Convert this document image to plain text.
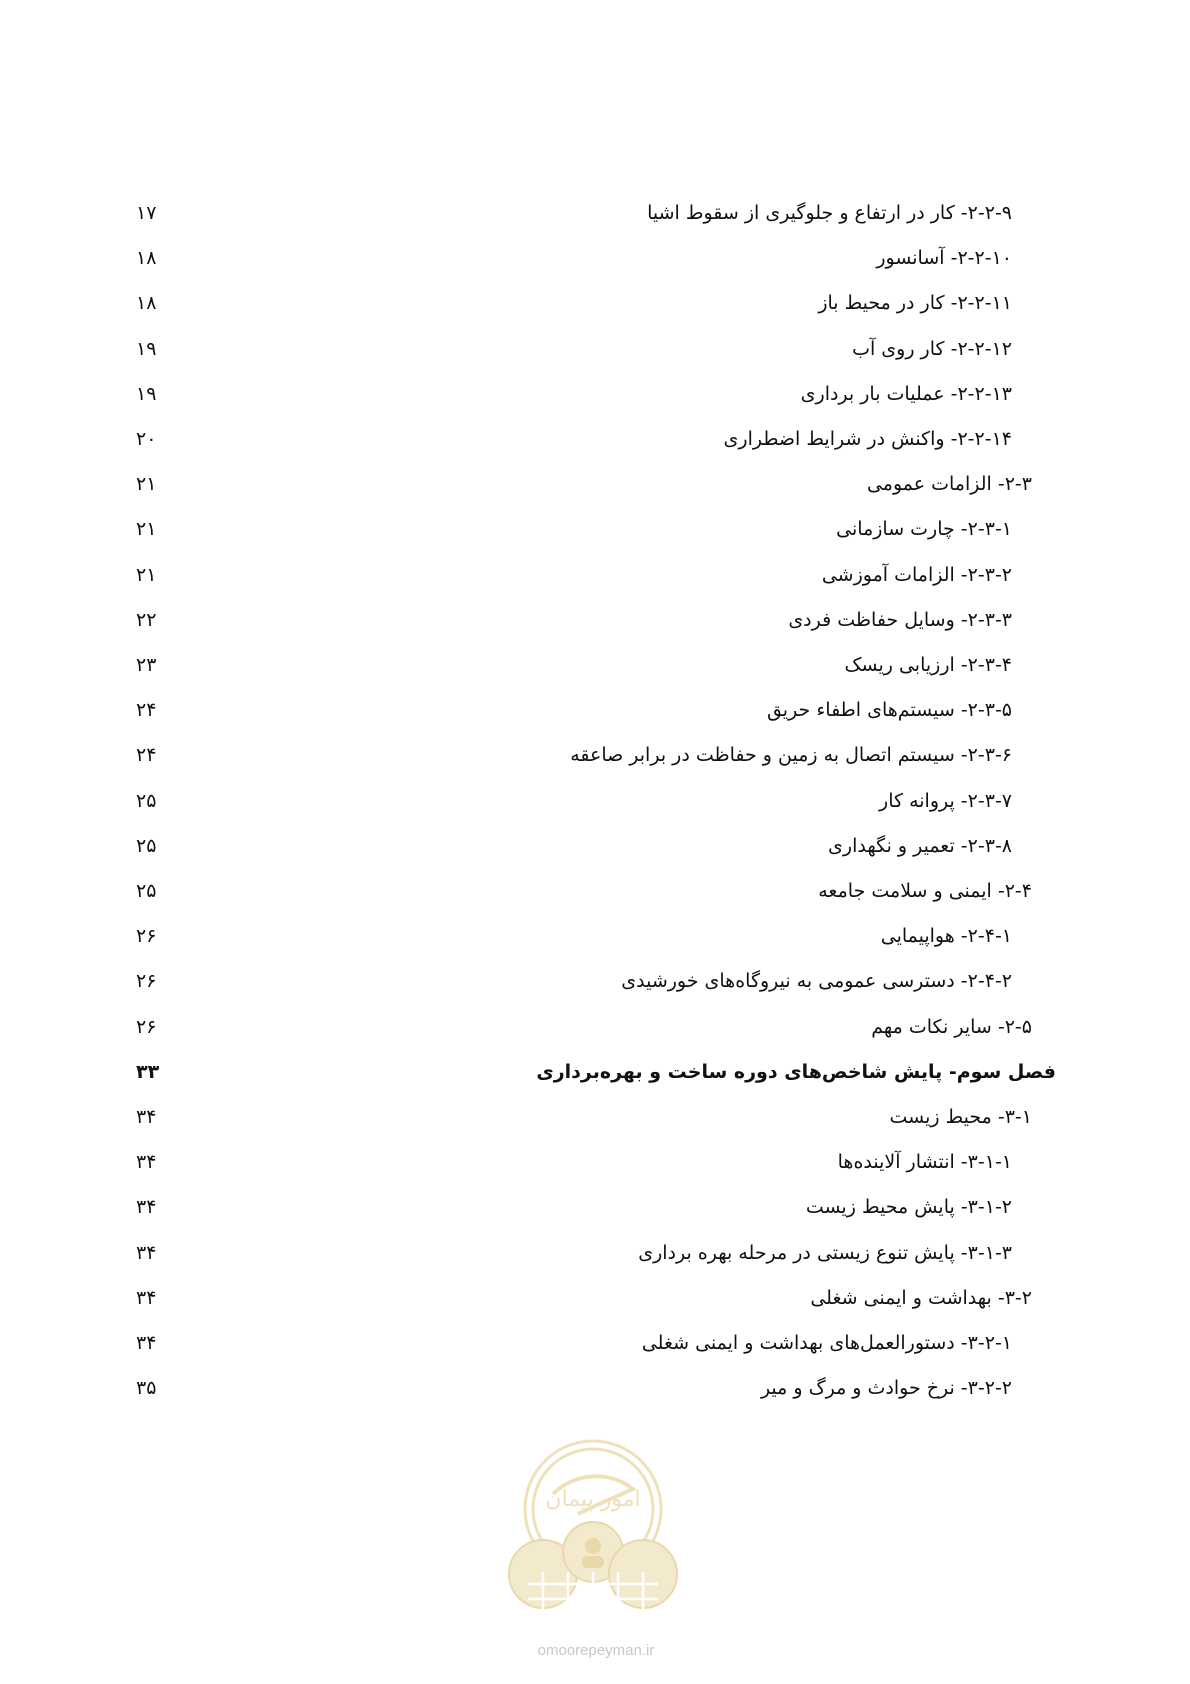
۲-۲-۹- کار در ارتفاع و جلوگیری از سقوط اشیا
۱۷
۲-۲-۱۰- آسانسور
۱۸
۲-۲-۱۱- کار در محیط باز
۱۸
۲-۲-۱۲- کار روی آب
۱۹
۲-۲-۱۳- عملیات بار برداری
۱۹
۲-۲-۱۴- واکنش در شرایط اضطراری
۲۰
۲-۳- الزامات عمومی
۲۱
۲-۳-۱- چارت سازمانی
۲۱
۲-۳-۲- الزامات آموزشی
۲۱
۲-۳-۳- وسایل حفاظت فردی
۲۲
۲-۳-۴- ارزیابی ریسک
۲۳
۲-۳-۵- سیستم‌های اطفاء حریق
۲۴
۲-۳-۶- سیستم اتصال به زمین و حفاظت در برابر صاعقه
۲۴
۲-۳-۷- پروانه کار
۲۵
۲-۳-۸- تعمیر و نگهداری
۲۵
۲-۴- ایمنی و سلامت جامعه
۲۵
۲-۴-۱- هواپیمایی
۲۶
۲-۴-۲- دسترسی عمومی به نیروگاه‌های خورشیدی
۲۶
۲-۵- سایر نکات مهم
۲۶
فصل سوم- پایش شاخص‌های دوره ساخت و بهره‌برداری
۳۳
۳-۱- محیط زیست
۳۴
۳-۱-۱- انتشار آلاینده‌ها
۳۴
۳-۱-۲- پایش محیط زیست
۳۴
۳-۱-۳- پایش تنوع زیستی در مرحله بهره برداری
۳۴
۳-۲- بهداشت و ایمنی شغلی
۳۴
۳-۲-۱- دستورالعمل‌های بهداشت و ایمنی شغلی
۳۴
۳-۲-۲- نرخ حوادث و مرگ و میر
۳۵
امور پیمان
omoorepeyman.ir
